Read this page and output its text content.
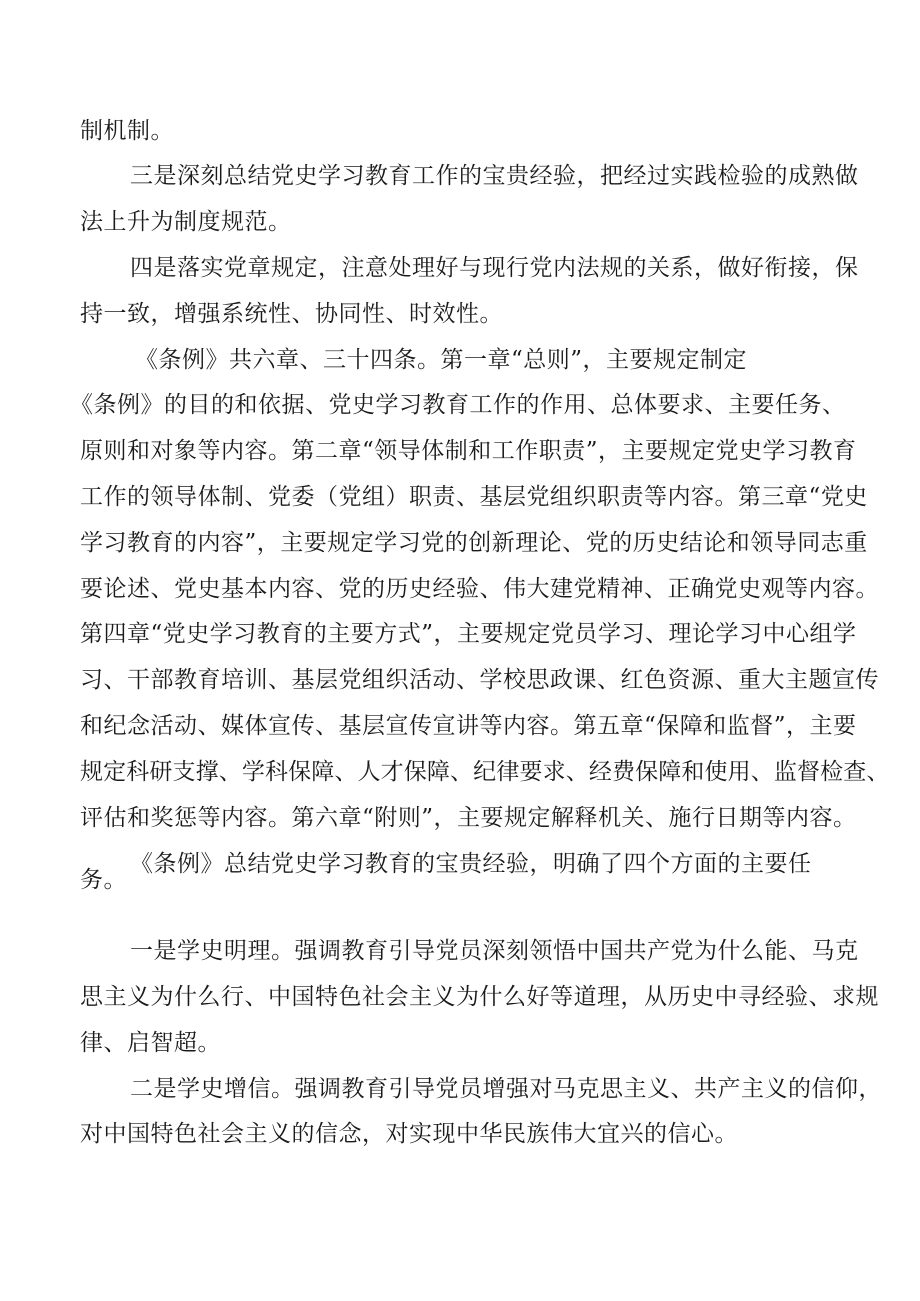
制机制。
三是深刻总结党史学习教育工作的宝贵经验，把经过实践检验的成熟做
法上升为制度规范。
四是落实党章规定，注意处理好与现行党内法规的关系，做好衔接，保
持一致，增强系统性、协同性、时效性。
《条例》共六章、三十四条。第一章“总则”，主要规定制定
《条例》的目的和依据、党史学习教育工作的作用、总体要求、主要任务、
原则和对象等内容。第二章“领导体制和工作职责”，主要规定党史学习教育
工作的领导体制、党委（党组）职责、基层党组织职责等内容。第三章“党史
学习教育的内容”，主要规定学习党的创新理论、党的历史结论和领导同志重
要论述、党史基本内容、党的历史经验、伟大建党精神、正确党史观等内容。
第四章“党史学习教育的主要方式”，主要规定党员学习、理论学习中心组学
习、干部教育培训、基层党组织活动、学校思政课、红色资源、重大主题宣传
和纪念活动、媒体宣传、基层宣传宣讲等内容。第五章“保障和监督”，主要
规定科研支撑、学科保障、人才保障、纪律要求、经费保障和使用、监督检查、
评估和奖惩等内容。第六章“附则”，主要规定解释机关、施行日期等内容。
《条例》总结党史学习教育的宝贵经验，明确了四个方面的主要任
务。
一是学史明理。强调教育引导党员深刻领悟中国共产党为什么能、马克
思主义为什么行、中国特色社会主义为什么好等道理，从历史中寻经验、求规
律、启智超。
二是学史增信。强调教育引导党员增强对马克思主义、共产主义的信仰，
对中国特色社会主义的信念，对实现中华民族伟大宜兴的信心。
